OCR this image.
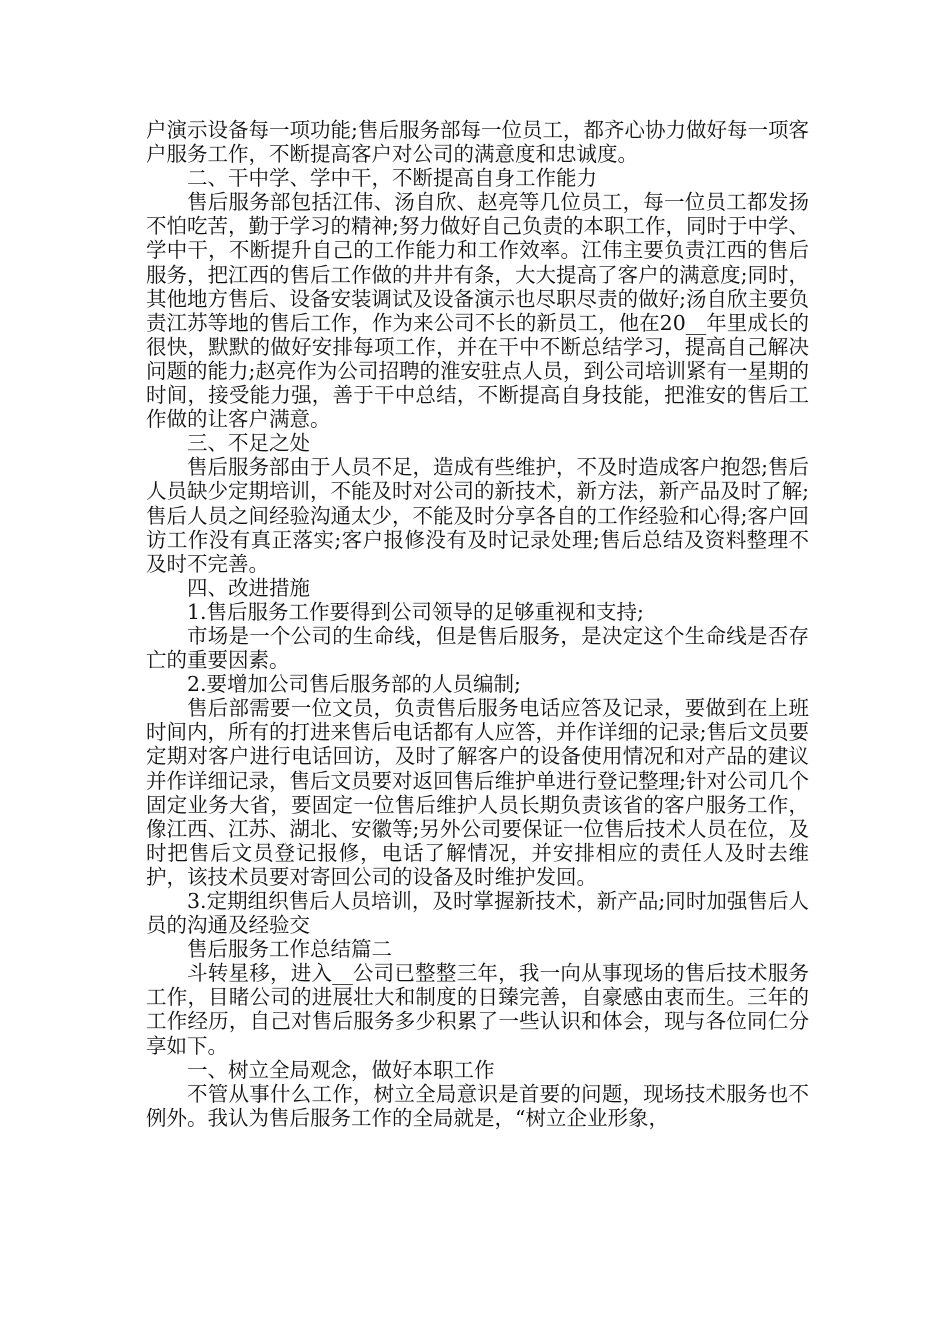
户演示设备每一项功能;售后服务部每一位员工，都齐心协力做好每一项客户服务工作，不断提高客户对公司的满意度和忠诚度。

二、干中学、学中干，不断提高自身工作能力

售后服务部包括江伟、汤自欣、赵亮等几位员工，每一位员工都发扬不怕吃苦，勤于学习的精神;努力做好自己负责的本职工作，同时于中学、学中干，不断提升自己的工作能力和工作效率。江伟主要负责江西的售后服务，把江西的售后工作做的井井有条，大大提高了客户的满意度;同时，其他地方售后、设备安装调试及设备演示也尽职尽责的做好;汤自欣主要负责江苏等地的售后工作，作为来公司不长的新员工，他在20__年里成长的很快，默默的做好安排每项工作，并在干中不断总结学习，提高自己解决问题的能力;赵亮作为公司招聘的淮安驻点人员，到公司培训紧有一星期的时间，接受能力强，善于干中总结，不断提高自身技能，把淮安的售后工作做的让客户满意。

三、不足之处

售后服务部由于人员不足，造成有些维护，不及时造成客户抱怨;售后人员缺少定期培训，不能及时对公司的新技术，新方法，新产品及时了解;售后人员之间经验沟通太少，不能及时分享各自的工作经验和心得;客户回访工作没有真正落实;客户报修没有及时记录处理;售后总结及资料整理不及时不完善。

四、改进措施

1.售后服务工作要得到公司领导的足够重视和支持;

市场是一个公司的生命线，但是售后服务，是决定这个生命线是否存亡的重要因素。

2.要增加公司售后服务部的人员编制;

售后部需要一位文员，负责售后服务电话应答及记录，要做到在上班时间内，所有的打进来售后电话都有人应答，并作详细的记录;售后文员要定期对客户进行电话回访，及时了解客户的设备使用情况和对产品的建议并作详细记录，售后文员要对返回售后维护单进行登记整理;针对公司几个固定业务大省，要固定一位售后维护人员长期负责该省的客户服务工作，像江西、江苏、湖北、安徽等;另外公司要保证一位售后技术人员在位，及时把售后文员登记报修，电话了解情况，并安排相应的责任人及时去维护，该技术员要对寄回公司的设备及时维护发回。

3.定期组织售后人员培训，及时掌握新技术，新产品;同时加强售后人员的沟通及经验交

售后服务工作总结篇二

斗转星移，进入__公司已整整三年，我一向从事现场的售后技术服务工作，目睹公司的进展壮大和制度的日臻完善，自豪感由衷而生。三年的工作经历，自己对售后服务多少积累了一些认识和体会，现与各位同仁分享如下。

一、树立全局观念，做好本职工作

不管从事什么工作，树立全局意识是首要的问题，现场技术服务也不例外。我认为售后服务工作的全局就是，“树立企业形象，
